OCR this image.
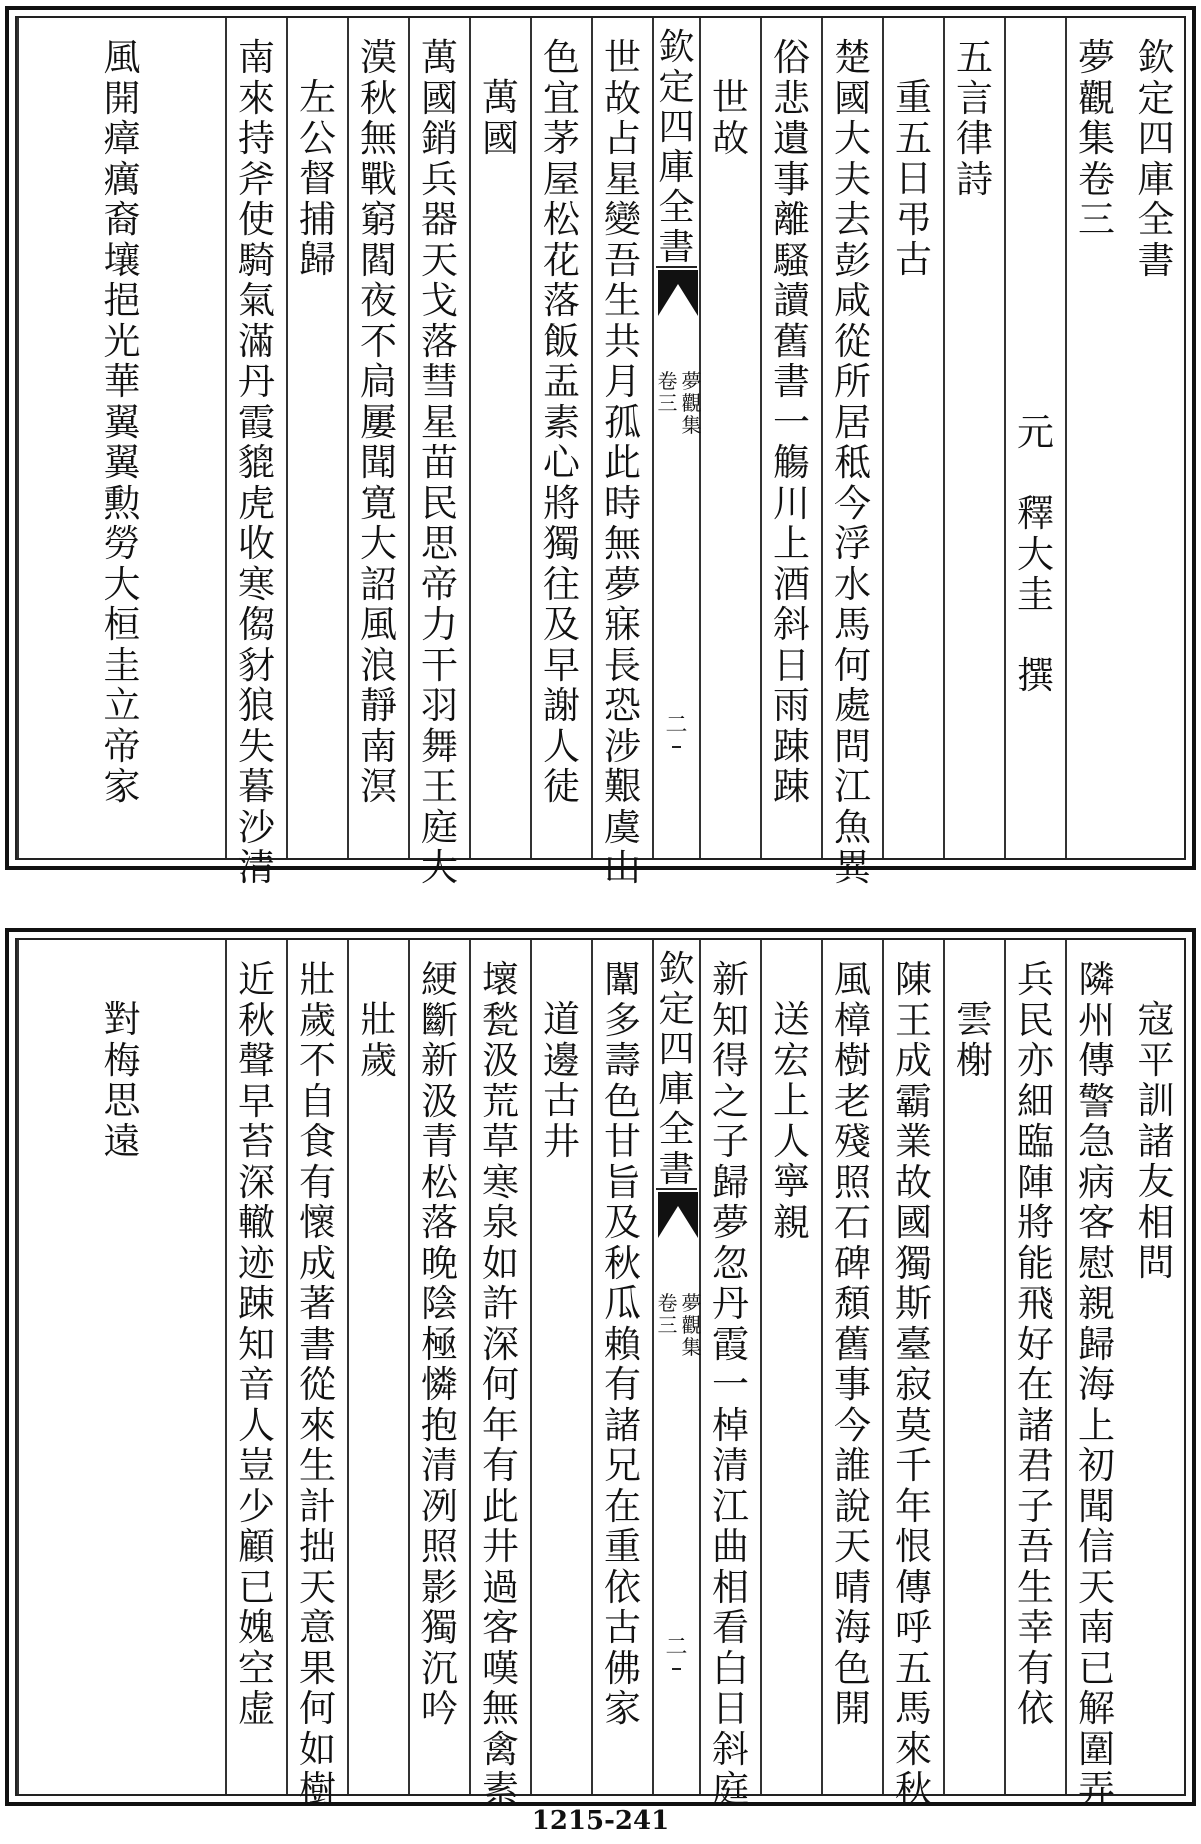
欽
定
四
庫
全
書
夢
觀
集
卷
三
元

釋
大
圭

撰
五
言
律
詩
重
五
日
弔
古
楚
國
大
夫
去
彭
咸
從
所
居
秪
今
浮
水
馬
何
處
問
江
魚
異
俗
悲
遺
事
離
騷
讀
舊
書
一
觴
川
上
酒
斜
日
雨
踈
踈
世
故
欽
定
四
庫
全
書
卷
三
夢
觀
集
二
世
故
占
星
變
吾
生
共
月
孤
此
時
無
夢
寐
長
恐
涉
艱
虞
山
色
宜
茅
屋
松
花
落
飯
盂
素
心
將
獨
往
及
早
謝
人
徒
萬
國
萬
國
銷
兵
器
天
戈
落
彗
星
苗
民
思
帝
力
干
羽
舞
王
庭
大
漠
秋
無
戰
窮
閻
夜
不
扃
屢
聞
寛
大
詔
風
浪
靜
南
溟
左
公
督
捕
歸
南
來
持
斧
使
騎
氣
滿
丹
霞
貔
虎
收
寒
㑳
豺
狼
失
暮
沙
清
風
開
瘴
癘
裔
壤
挹
光
華
翼
翼
勲
勞
大
桓
圭
立
帝
家
寇
平
訓
諸
友
相
問
隣
州
傳
警
急
病
客
慰
親
歸
海
上
初
聞
信
天
南
已
解
圍
弄
兵
民
亦
細
臨
陣
將
能
飛
好
在
諸
君
子
吾
生
幸
有
依
雲
榭
陳
王
成
霸
業
故
國
獨
斯
臺
寂
莫
千
年
恨
傳
呼
五
馬
來
秋
風
樟
樹
老
殘
照
石
碑
頹
舊
事
今
誰
說
天
晴
海
色
開
送
宏
上
人
寧
親
新
知
得
之
子
歸
夢
忽
丹
霞
一
棹
清
江
曲
相
看
白
日
斜
庭
欽
定
四
庫
全
書
卷
三
夢
觀
集
二
闈
多
壽
色
甘
旨
及
秋
瓜
賴
有
諸
兄
在
重
依
古
佛
家
道
邊
古
井
壞
甃
汲
荒
草
寒
泉
如
許
深
何
年
有
此
井
過
客
嘆
無
禽
素
綆
斷
新
汲
青
松
落
晚
陰
極
憐
抱
清
冽
照
影
獨
沉
吟
壯
歲
壯
歲
不
自
食
有
懷
成
著
書
從
來
生
計
拙
天
意
果
何
如
樹
近
秋
聲
早
苔
深
轍
迹
踈
知
音
人
豈
少
顧
已
媿
空
虚
對
梅
思
遠
1215-241
